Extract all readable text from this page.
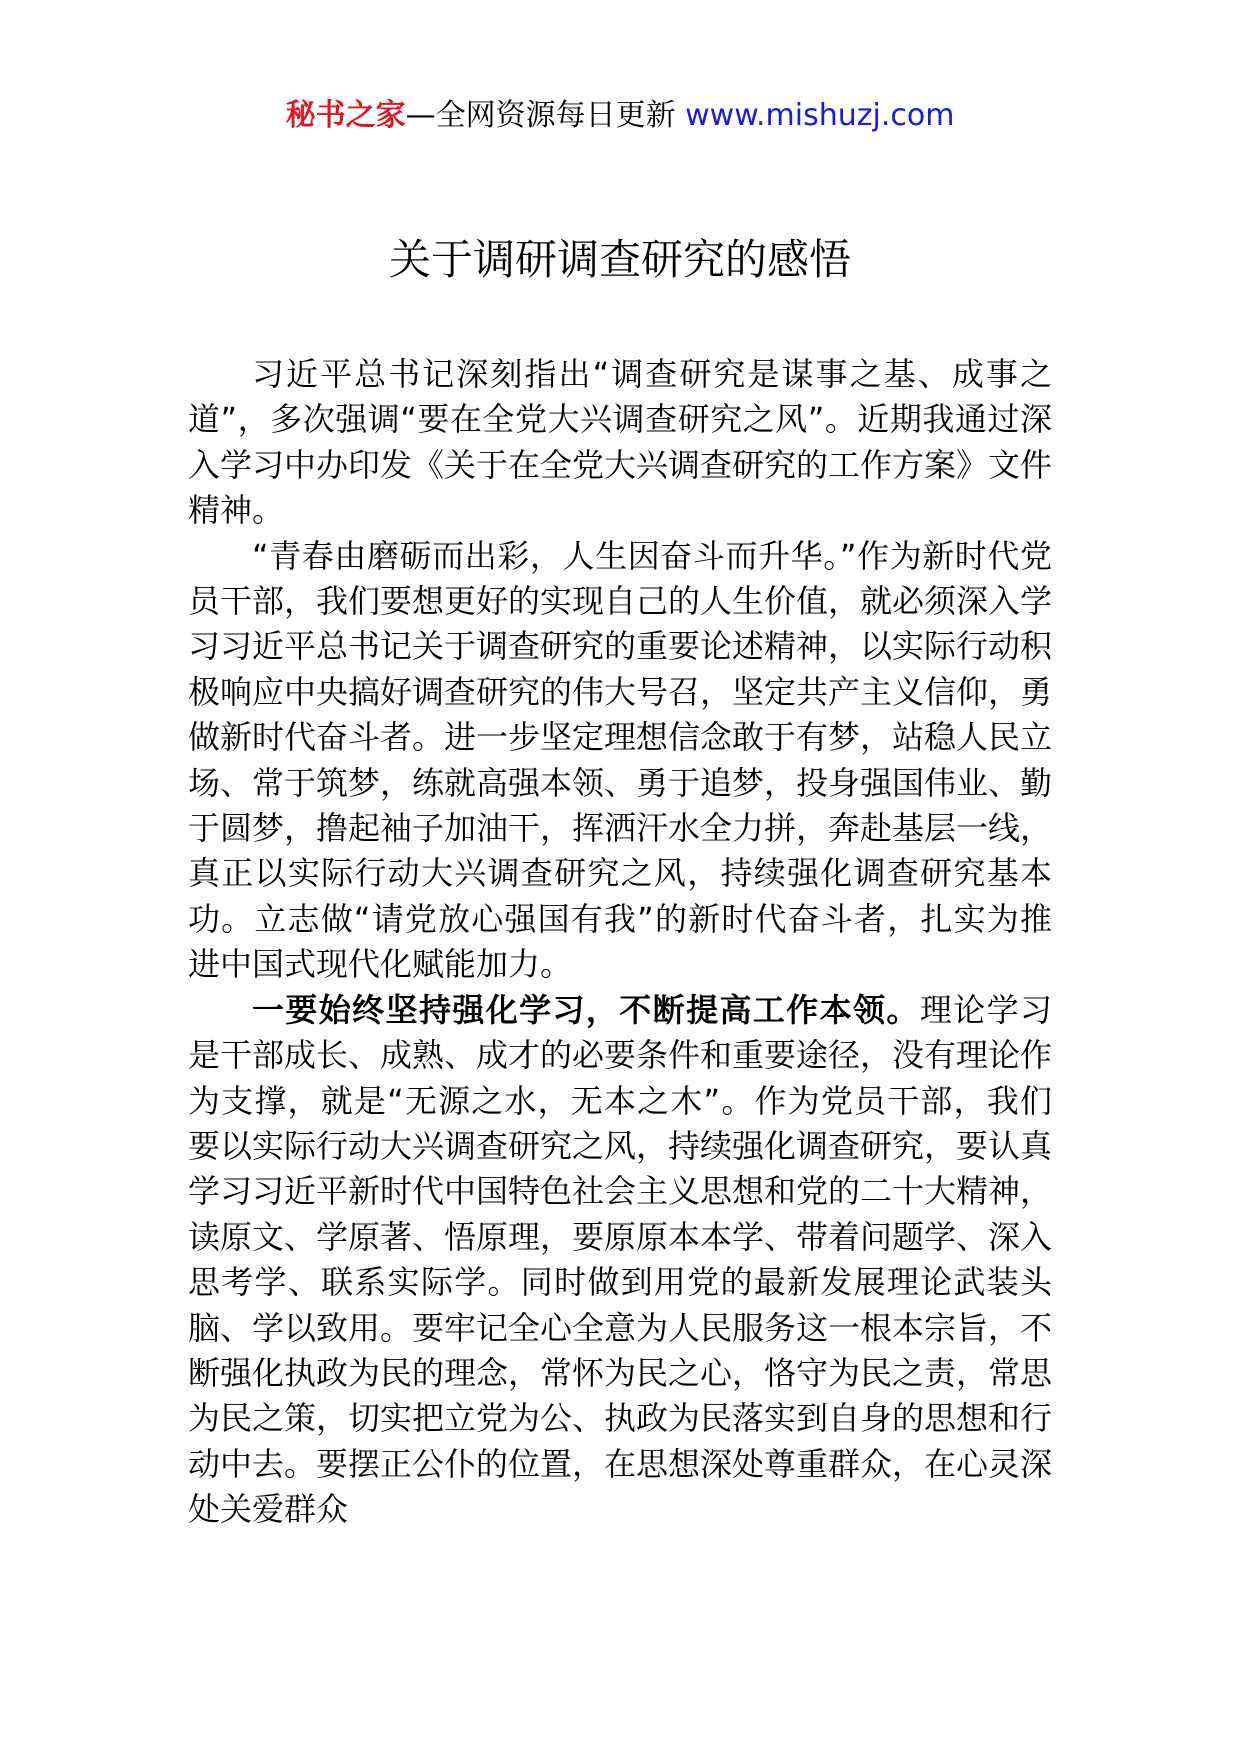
秘书之家—全网资源每日更新 www.mishuzj.com
关于调研调查研究的感悟

习近平总书记深刻指出“调查研究是谋事之基、成事之道”，多次强调“要在全党大兴调查研究之风”。近期我通过深入学习中办印发《关于在全党大兴调查研究的工作方案》文件精神。

“青春由磨砺而出彩，人生因奋斗而升华。”作为新时代党员干部，我们要想更好的实现自己的人生价值，就必须深入学习习近平总书记关于调查研究的重要论述精神，以实际行动积极响应中央搞好调查研究的伟大号召，坚定共产主义信仰，勇做新时代奋斗者。进一步坚定理想信念敢于有梦，站稳人民立场、常于筑梦，练就高强本领、勇于追梦，投身强国伟业、勤于圆梦，撸起袖子加油干，挥洒汗水全力拼，奔赴基层一线，真正以实际行动大兴调查研究之风，持续强化调查研究基本功。立志做“请党放心强国有我”的新时代奋斗者，扎实为推进中国式现代化赋能加力。

一要始终坚持强化学习，不断提高工作本领。理论学习是干部成长、成熟、成才的必要条件和重要途径，没有理论作为支撑，就是“无源之水，无本之木”。作为党员干部，我们要以实际行动大兴调查研究之风，持续强化调查研究，要认真学习习近平新时代中国特色社会主义思想和党的二十大精神，读原文、学原著、悟原理，要原原本本学、带着问题学、深入思考学、联系实际学。同时做到用党的最新发展理论武装头脑、学以致用。要牢记全心全意为人民服务这一根本宗旨，不断强化执政为民的理念，常怀为民之心，恪守为民之责，常思为民之策，切实把立党为公、执政为民落实到自身的思想和行动中去。要摆正公仆的位置，在思想深处尊重群众，在心灵深处关爱群众
